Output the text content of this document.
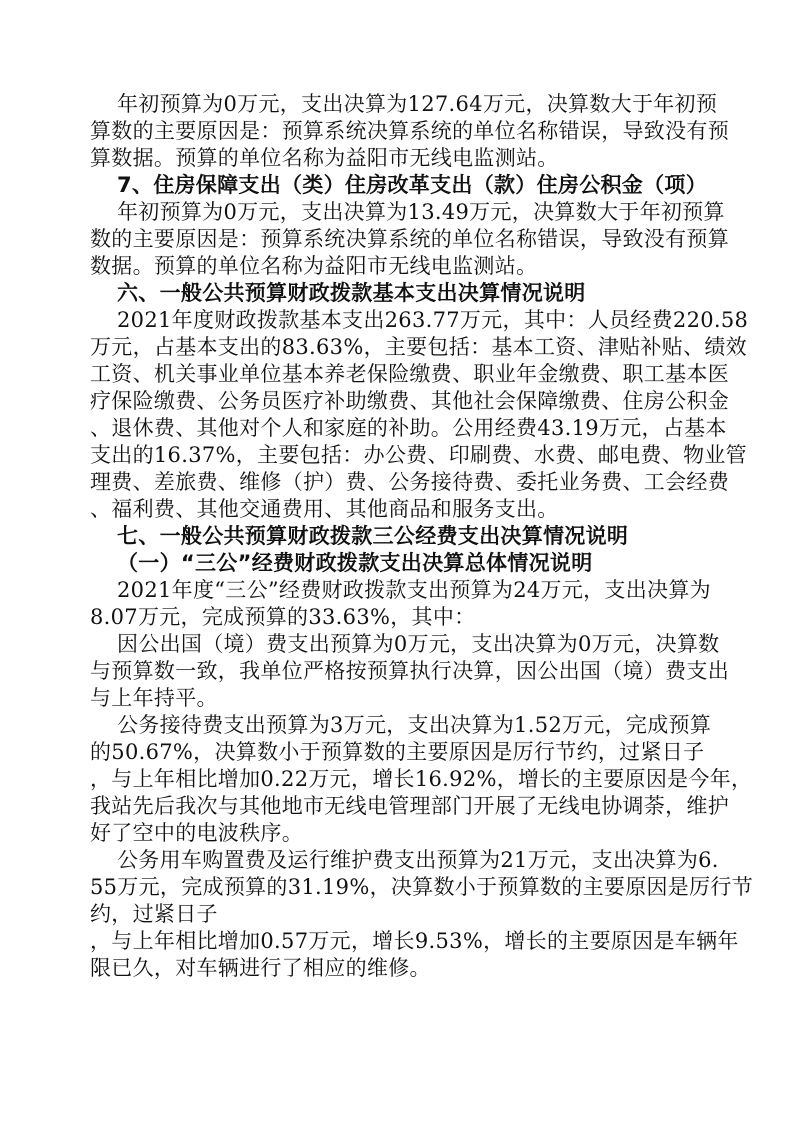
年初预算为0万元，支出决算为127.64万元，决算数大于年初预
算数的主要原因是：预算系统决算系统的单位名称错误，导致没有预
算数据。预算的单位名称为益阳市无线电监测站。
7、住房保障支出（类）住房改革支出（款）住房公积金（项）
年初预算为0万元，支出决算为13.49万元，决算数大于年初预算
数的主要原因是：预算系统决算系统的单位名称错误，导致没有预算
数据。预算的单位名称为益阳市无线电监测站。
六、一般公共预算财政拨款基本支出决算情况说明
2021年度财政拨款基本支出263.77万元，其中：人员经费220.58
万元，占基本支出的83.63%，主要包括：基本工资、津贴补贴、绩效
工资、机关事业单位基本养老保险缴费、职业年金缴费、职工基本医
疗保险缴费、公务员医疗补助缴费、其他社会保障缴费、住房公积金
、退休费、其他对个人和家庭的补助。公用经费43.19万元，占基本
支出的16.37%，主要包括：办公费、印刷费、水费、邮电费、物业管
理费、差旅费、维修（护）费、公务接待费、委托业务费、工会经费
、福利费、其他交通费用、其他商品和服务支出。
七、一般公共预算财政拨款三公经费支出决算情况说明
（一）“三公”经费财政拨款支出决算总体情况说明
2021年度“三公”经费财政拨款支出预算为24万元，支出决算为
8.07万元，完成预算的33.63%，其中：
因公出国（境）费支出预算为0万元，支出决算为0万元，决算数
与预算数一致，我单位严格按预算执行决算，因公出国（境）费支出
与上年持平。
公务接待费支出预算为3万元，支出决算为1.52万元，完成预算
的50.67%，决算数小于预算数的主要原因是厉行节约，过紧日子
，与上年相比增加0.22万元，增长16.92%，增长的主要原因是今年，
我站先后我次与其他地市无线电管理部门开展了无线电协调荼，维护
好了空中的电波秩序。
公务用车购置费及运行维护费支出预算为21万元，支出决算为6.
55万元，完成预算的31.19%，决算数小于预算数的主要原因是厉行节
约，过紧日子
，与上年相比增加0.57万元，增长9.53%，增长的主要原因是车辆年
限已久，对车辆进行了相应的维修。
